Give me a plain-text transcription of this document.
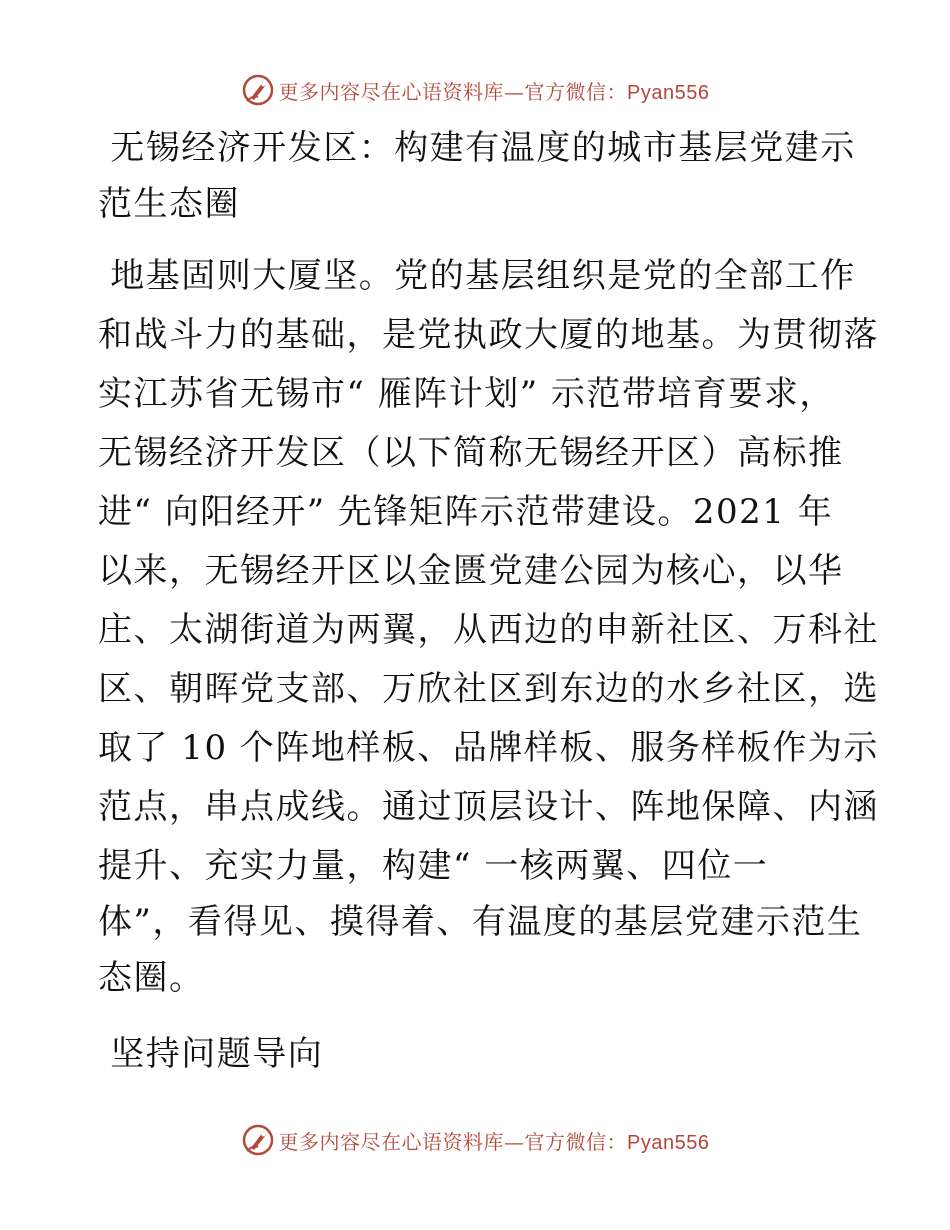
更多内容尽在心语资料库—官方微信：Pyan556

无锡经济开发区：构建有温度的城市基层党建示

范生态圈

地基固则大厦坚。党的基层组织是党的全部工作

和战斗力的基础，是党执政大厦的地基。为贯彻落

实江苏省无锡市“ 雁阵计划” 示范带培育要求，

无锡经济开发区（以下简称无锡经开区）高标推

进“ 向阳经开” 先锋矩阵示范带建设。2021 年

以来，无锡经开区以金匮党建公园为核心，以华

庄、太湖街道为两翼，从西边的申新社区、万科社

区、朝晖党支部、万欣社区到东边的水乡社区，选

取了 10 个阵地样板、品牌样板、服务样板作为示

范点，串点成线。通过顶层设计、阵地保障、内涵

提升、充实力量，构建“ 一核两翼、四位一

体”，看得见、摸得着、有温度的基层党建示范生

态圈。

坚持问题导向

更多内容尽在心语资料库—官方微信：Pyan556
